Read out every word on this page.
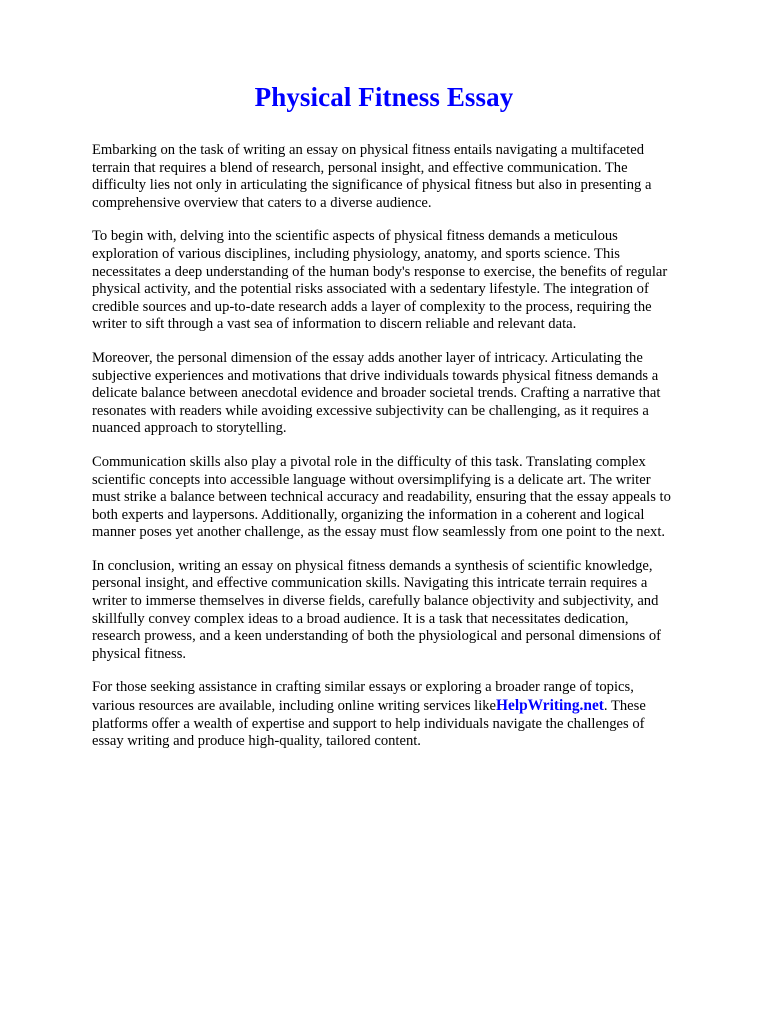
Physical Fitness Essay

Embarking on the task of writing an essay on physical fitness entails navigating a multifaceted terrain that requires a blend of research, personal insight, and effective communication. The difficulty lies not only in articulating the significance of physical fitness but also in presenting a comprehensive overview that caters to a diverse audience.

To begin with, delving into the scientific aspects of physical fitness demands a meticulous exploration of various disciplines, including physiology, anatomy, and sports science. This necessitates a deep understanding of the human body's response to exercise, the benefits of regular physical activity, and the potential risks associated with a sedentary lifestyle. The integration of credible sources and up-to-date research adds a layer of complexity to the process, requiring the writer to sift through a vast sea of information to discern reliable and relevant data.

Moreover, the personal dimension of the essay adds another layer of intricacy. Articulating the subjective experiences and motivations that drive individuals towards physical fitness demands a delicate balance between anecdotal evidence and broader societal trends. Crafting a narrative that resonates with readers while avoiding excessive subjectivity can be challenging, as it requires a nuanced approach to storytelling.

Communication skills also play a pivotal role in the difficulty of this task. Translating complex scientific concepts into accessible language without oversimplifying is a delicate art. The writer must strike a balance between technical accuracy and readability, ensuring that the essay appeals to both experts and laypersons. Additionally, organizing the information in a coherent and logical manner poses yet another challenge, as the essay must flow seamlessly from one point to the next.

In conclusion, writing an essay on physical fitness demands a synthesis of scientific knowledge, personal insight, and effective communication skills. Navigating this intricate terrain requires a writer to immerse themselves in diverse fields, carefully balance objectivity and subjectivity, and skillfully convey complex ideas to a broad audience. It is a task that necessitates dedication, research prowess, and a keen understanding of both the physiological and personal dimensions of physical fitness.

For those seeking assistance in crafting similar essays or exploring a broader range of topics, various resources are available, including online writing services likeHelpWriting.net. These platforms offer a wealth of expertise and support to help individuals navigate the challenges of essay writing and produce high-quality, tailored content.
